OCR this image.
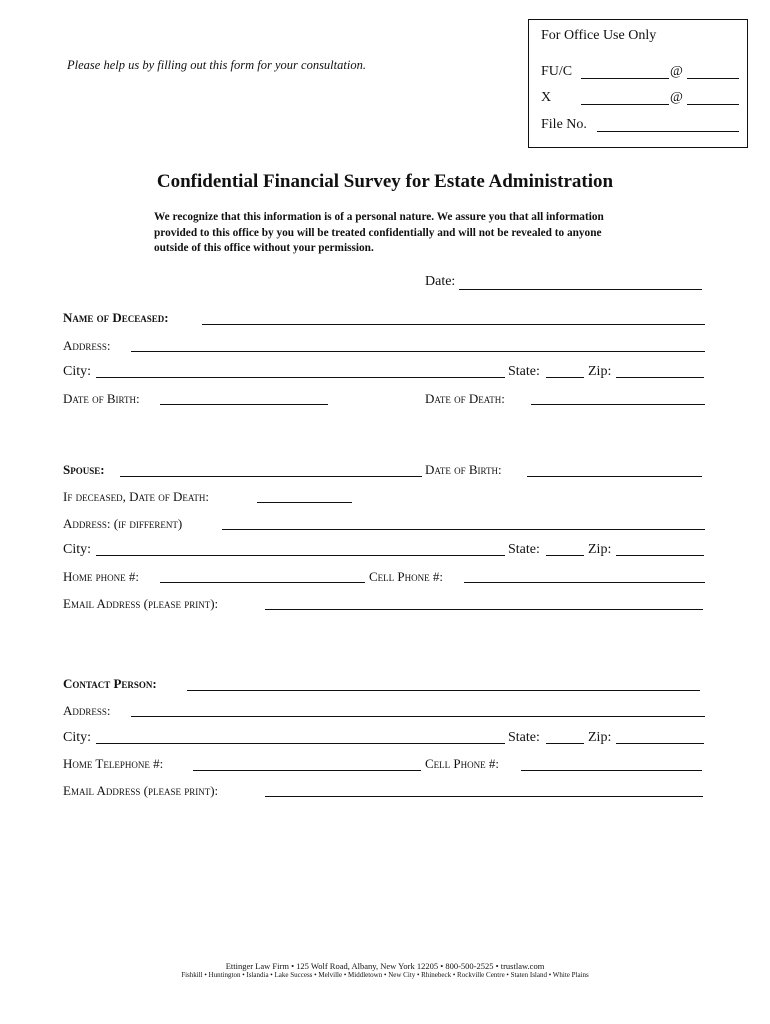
For Office Use Only
FU/C	@
X	@
File No.
Please help us by filling out this form for your consultation.
Confidential Financial Survey for Estate Administration
We recognize that this information is of a personal nature. We assure you that all information provided to this office by you will be treated confidentially and will not be revealed to anyone outside of this office without your permission.
Date:
Name of Deceased:
Address:
City:	State:	Zip:
Date of Birth:	Date of Death:
Spouse:	Date of Birth:
If deceased, Date of Death:
Address: (if different)
City:	State:	Zip:
Home phone #:	Cell Phone #:
Email Address (please print):
Contact Person:
Address:
City:	State:	Zip:
Home Telephone #:	Cell Phone #:
Email Address (please print):
Ettinger Law Firm • 125 Wolf Road, Albany, New York 12205 • 800-500-2525 • trustlaw.com
Fishkill • Huntington • Islandia • Lake Success • Melville • Middletown • New City • Rhinebeck • Rockville Centre • Staten Island • White Plains
